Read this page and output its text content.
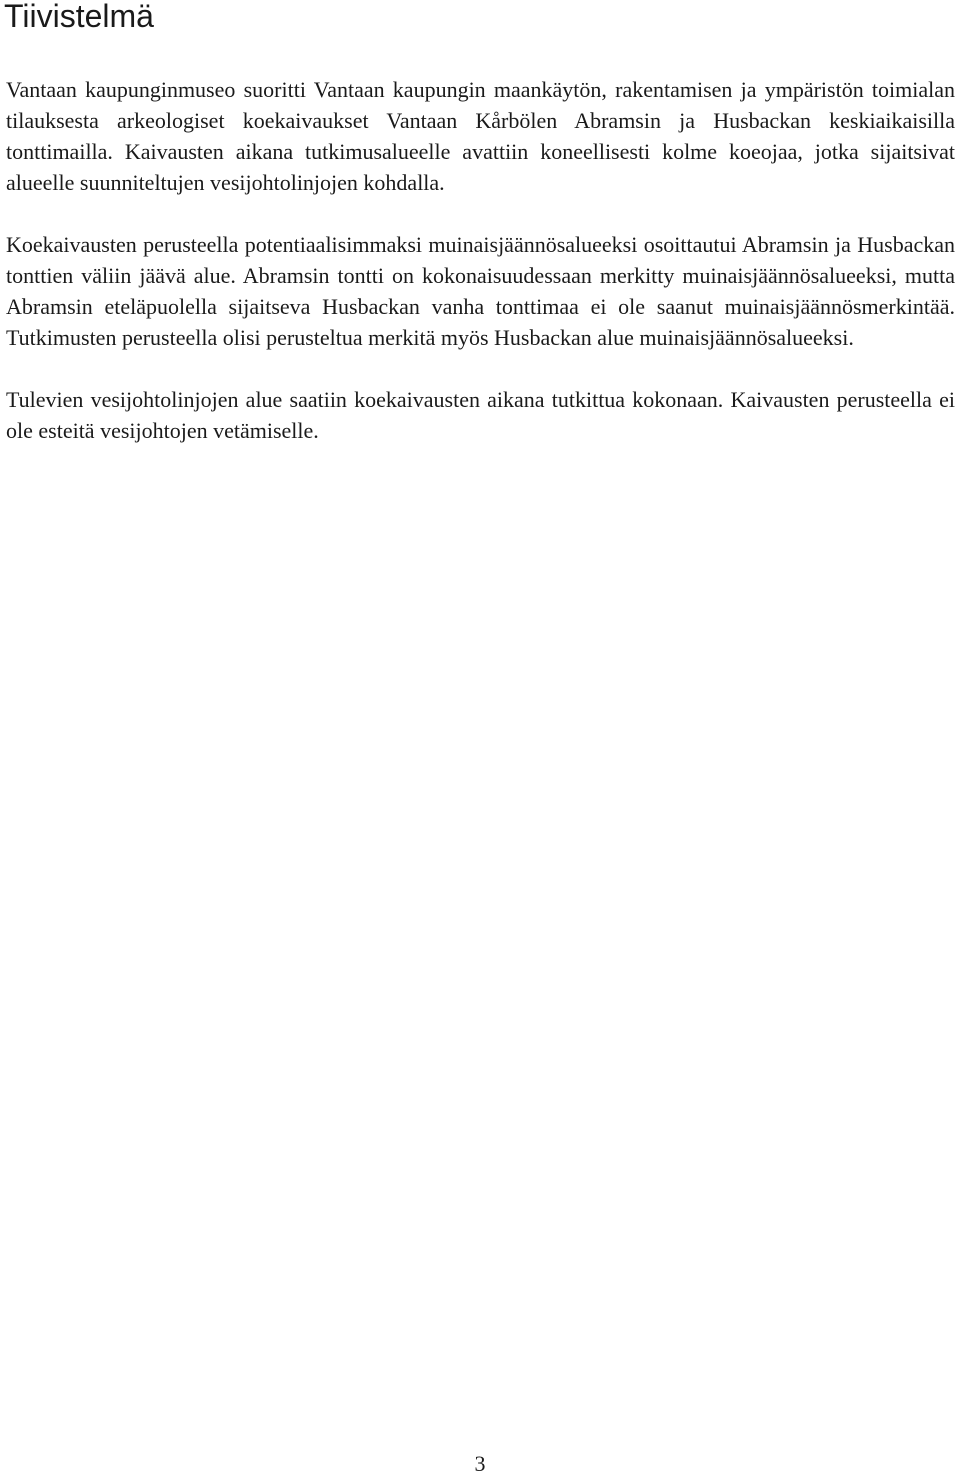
Tiivistelmä

Vantaan kaupunginmuseo suoritti Vantaan kaupungin maankäytön, rakentamisen ja ympäristön toimialan tilauksesta arkeologiset koekaivaukset Vantaan Kårbölen Abramsin ja Husbackan keskiaikaisilla tonttimailla. Kaivausten aikana tutkimusalueelle avattiin koneellisesti kolme koeojaa, jotka sijaitsivat alueelle suunniteltujen vesijohtolinjojen kohdalla.

Koekaivausten perusteella potentiaalisimmaksi muinaisjäännösalueeksi osoittautui Abramsin ja Husbackan tonttien väliin jäävä alue. Abramsin tontti on kokonaisuudessaan merkitty muinaisjäännösalueeksi, mutta Abramsin eteläpuolella sijaitseva Husbackan vanha tonttimaa ei ole saanut muinaisjäännösmerkintää. Tutkimusten perusteella olisi perusteltua merkitä myös Husbackan alue muinaisjäännösalueeksi.

Tulevien vesijohtolinjojen alue saatiin koekaivausten aikana tutkittua kokonaan. Kaivausten perusteella ei ole esteitä vesijohtojen vetämiselle.

3
